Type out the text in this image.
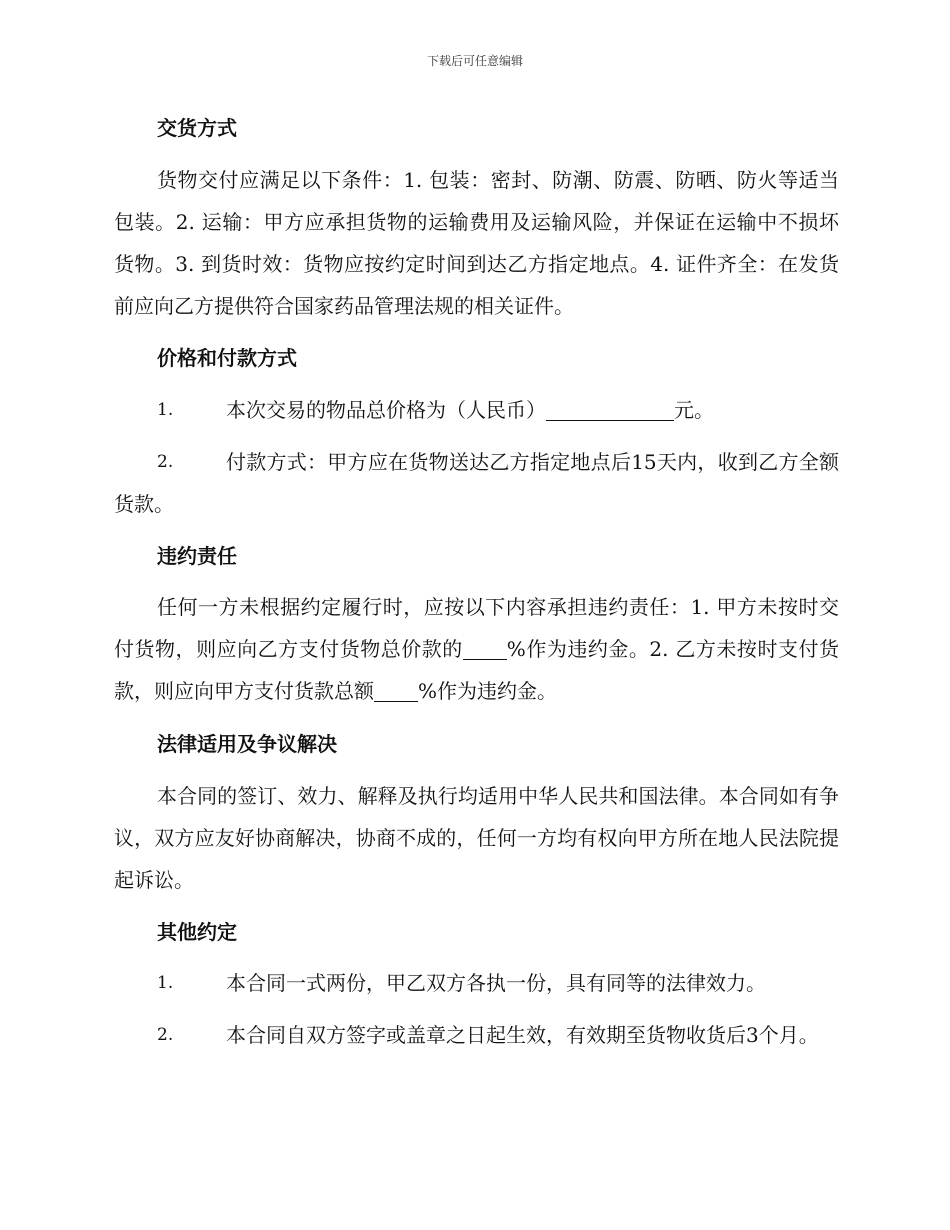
下载后可任意编辑
交货方式

货物交付应满足以下条件：1. 包装：密封、防潮、防震、防晒、防火等适当包装。2. 运输：甲方应承担货物的运输费用及运输风险，并保证在运输中不损坏货物。3. 到货时效：货物应按约定时间到达乙方指定地点。4. 证件齐全：在发货前应向乙方提供符合国家药品管理法规的相关证件。

价格和付款方式
1.	本次交易的物品总价格为（人民币）	元。
2.	付款方式：甲方应在货物送达乙方指定地点后15天内，收到乙方全额货款。
违约责任

任何一方未根据约定履行时，应按以下内容承担违约责任：1. 甲方未按时交付货物，则应向乙方支付货物总价款的 %作为违约金。2. 乙方未按时支付货款，则应向甲方支付货款总额 %作为违约金。

法律适用及争议解决

本合同的签订、效力、解释及执行均适用中华人民共和国法律。本合同如有争议，双方应友好协商解决，协商不成的，任何一方均有权向甲方所在地人民法院提起诉讼。

其他约定
1.	本合同一式两份，甲乙双方各执一份，具有同等的法律效力。
2.	本合同自双方签字或盖章之日起生效，有效期至货物收货后3个月。
